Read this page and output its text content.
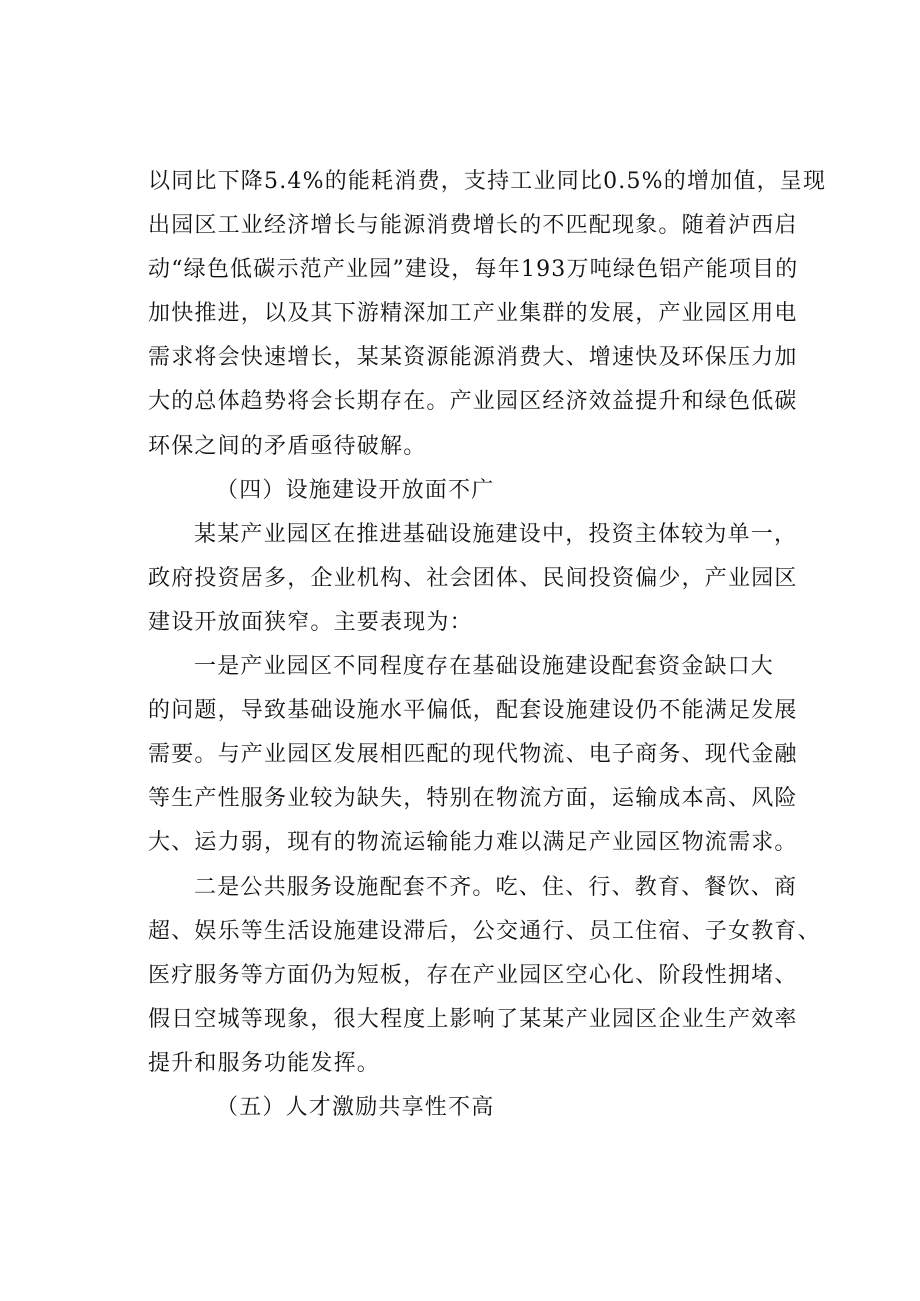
以同比下降5.4%的能耗消费，支持工业同比0.5%的增加值，呈现
出园区工业经济增长与能源消费增长的不匹配现象。随着泸西启
动“绿色低碳示范产业园”建设，每年193万吨绿色铝产能项目的
加快推进，以及其下游精深加工产业集群的发展，产业园区用电
需求将会快速增长，某某资源能源消费大、增速快及环保压力加
大的总体趋势将会长期存在。产业园区经济效益提升和绿色低碳
环保之间的矛盾亟待破解。
（四）设施建设开放面不广
某某产业园区在推进基础设施建设中，投资主体较为单一，
政府投资居多，企业机构、社会团体、民间投资偏少，产业园区
建设开放面狭窄。主要表现为：
一是产业园区不同程度存在基础设施建设配套资金缺口大
的问题，导致基础设施水平偏低，配套设施建设仍不能满足发展
需要。与产业园区发展相匹配的现代物流、电子商务、现代金融
等生产性服务业较为缺失，特别在物流方面，运输成本高、风险
大、运力弱，现有的物流运输能力难以满足产业园区物流需求。
二是公共服务设施配套不齐。吃、住、行、教育、餐饮、商
超、娱乐等生活设施建设滞后，公交通行、员工住宿、子女教育、
医疗服务等方面仍为短板，存在产业园区空心化、阶段性拥堵、
假日空城等现象，很大程度上影响了某某产业园区企业生产效率
提升和服务功能发挥。
（五）人才激励共享性不高
